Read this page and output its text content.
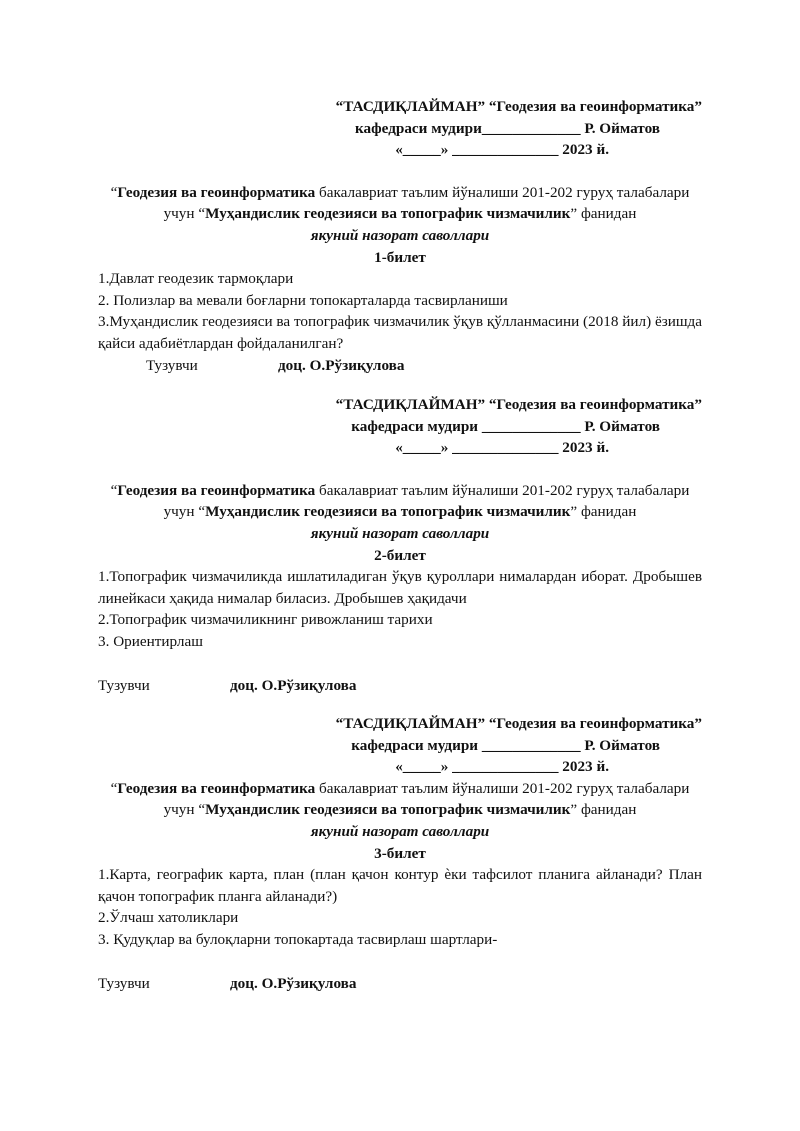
“ТАСДИҚЛАЙМАН” “Геодезия ва геоинформатика”
кафедраси мудири_____________ Р. Ойматов
«_____» ______________ 2023 й.
“Геодезия ва геоинформатика бакалавриат таълим йўналиши 201-202 гуруҳ талабалари учун “Муҳандислик геодезияси ва топографик чизмачилик” фанидан
якуний назорат саволлари
1-билет
1.Давлат геодезик тармоқлари
2. Полизлар ва мевали боғларни топокарталарда тасвирланиши
3.Муҳандислик геодезияси ва топографик чизмачилик ўқув қўлланмасини (2018 йил) ёзишда қайси адабиётлардан фойдаланилган?
Тузувчи	доц. О.Рўзиқулова
“ТАСДИҚЛАЙМАН” “Геодезия ва геоинформатика”
кафедраси мудири _____________ Р. Ойматов
«_____» ______________ 2023 й.
“Геодезия ва геоинформатика бакалавриат таълим йўналиши 201-202 гуруҳ талабалари учун “Муҳандислик геодезияси ва топографик чизмачилик” фанидан
якуний назорат саволлари
2-билет
1.Топографик чизмачиликда ишлатиладиган ўқув қуроллари нималардан иборат. Дробышев линейкаси ҳақида нималар биласиз. Дробышев ҳақидачи
2.Топографик чизмачиликнинг ривожланиш тарихи
3. Ориентирлаш
Тузувчи	доц. О.Рўзиқулова
“ТАСДИҚЛАЙМАН” “Геодезия ва геоинформатика”
кафедраси мудири _____________ Р. Ойматов
«_____» ______________ 2023 й.
“Геодезия ва геоинформатика бакалавриат таълим йўналиши 201-202 гуруҳ талабалари учун “Муҳандислик геодезияси ва топографик чизмачилик” фанидан
якуний назорат саволлари
3-билет
1.Карта, географик карта, план (план қачон контур ѐки тафсилот планига айланади? План қачон топографик планга айланади?)
2.Ўлчаш хатоликлари
3. Қудуқлар ва булоқларни топокартада тасвирлаш шартлари-
Тузувчи	доц. О.Рўзиқулова
